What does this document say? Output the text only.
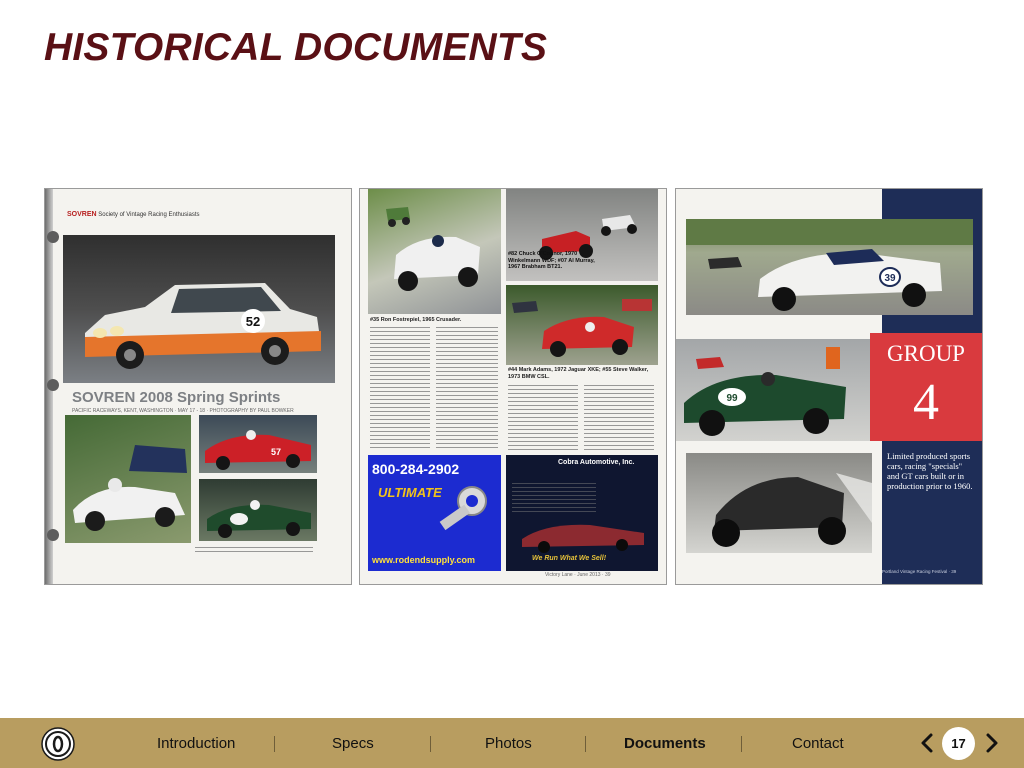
HISTORICAL DOCUMENTS
SOVREN Society of Vintage Racing Enthusiasts
52
SOVREN 2008 Spring Sprints
PACIFIC RACEWAYS, KENT, WASHINGTON · MAY 17 - 18 · PHOTOGRAPHY BY PAUL BOWKER
57
#35 Ron Fostrepiel, 1965 Crusader.
#82 Chuck O'Connor, 1970 Winkelmann WDF; #07 Al Murray, 1967 Brabham BT21.
#44 Mark Adams, 1972 Jaguar XKE; #55 Steve Walker, 1973 BMW CSL.
800-284-2902
ULTIMATE
www.rodendsupply.com
Cobra Automotive, Inc.
We Run What We Sell!
Victory Lane · June 2013 · 39
39
99
GROUP
4
Limited produced sports cars, racing "specials" and GT cars built or in production prior to 1960.
Portland Vintage Racing Festival · 39
Introduction	Specs	Photos	Documents	Contact	17
